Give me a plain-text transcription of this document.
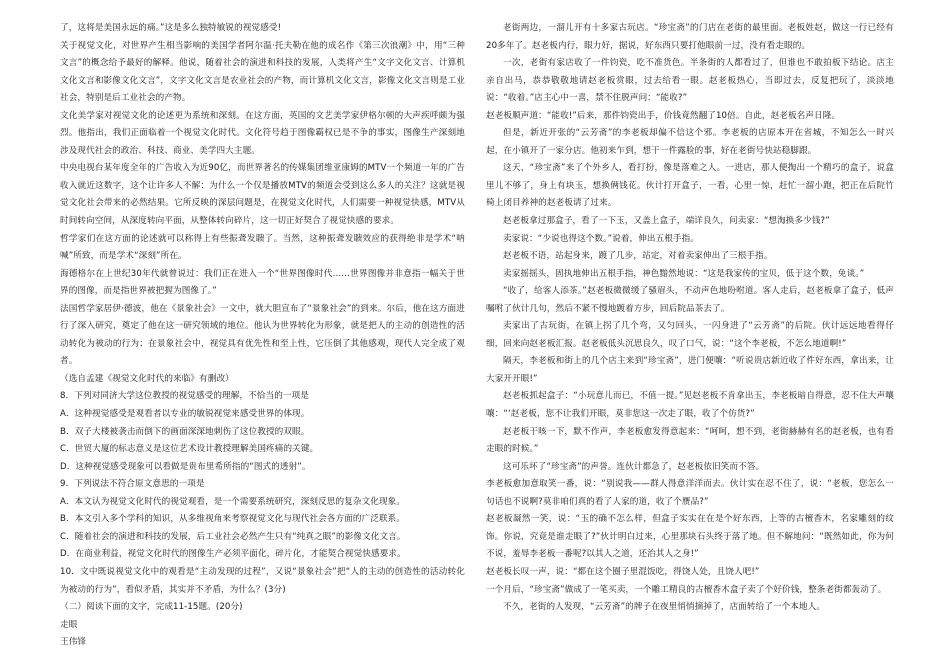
了，这将是美国永远的痛。”这是多么独特敏锐的视觉感受!

关于视觉文化，对世界产生相当影响的美国学者阿尔温·托夫勒在他的成名作《第三次浪潮》中，用“三种文言”的概念给予最好的解释。他说，随着社会的演进和科技的发展，人类将产生“文字文化文言、计算机文化文言和影像文化文言”，文字文化文言是农业社会的产物，而计算机文化文言，影像文化文言则是工业社会，特别是后工业社会的产物。

文化美学家对视觉文化的论述更为系统和深刻。在这方面，英国的文艺美学家伊格尔顿的大声疾呼颇为强烈。他指出，我们正面临着一个视觉文化时代。文化符号趋于图像霸权已是不争的事实，图像生产深刻地涉及现代社会的政治、科技、商业、美学四大主题。

中央电视台某年度全年的广告收入为近90亿，而世界著名的传媒集团维亚康姆的MTV一个频道一年的广告收入就近这数字，这个让许多人不解：为什么一个仅是播放MTV的频道会受到这么多人的关注？这就是视觉文化社会带来的必然结果。它所反映的深层问题是，在视觉文化时代，人们需要一种视觉快感，MTV从时间转向空间，从深度转向平面，从整体转向碎片，这一切正好契合了视觉快感的要求。

哲学家们在这方面的论述就可以称得上有些振聋发聩了。当然，这种振聋发聩效应的获得绝非是学术“呐喊”所致，而是学术“深刻”所在。

海德格尔在上世纪30年代就曾说过：我们正在进入一个“世界图像时代……世界图像并非意指一幅关于世界的图像，而是指世界被把握为图像了。”

法国哲学家居伊·德波，他在《景象社会》一文中，就大胆宣布了“景象社会”的到来。尔后，他在这方面进行了深入研究，奠定了他在这一研究领域的地位。他认为世界转化为形象，就是把人的主动的创造性的活动转化为被动的行为；在景象社会中，视觉具有优先性和至上性，它压倒了其他感观，现代人完全成了观者。

（选自孟建《视觉文化时代的来临》有删改）

8．下列对同济大学这位教授的视觉感受的理解，不恰当的一项是

A．这种视觉感受是观看者以专业的敏锐视觉来感受世界的体现。

B．双子大楼被袭击而倒下的画面深深地刺伤了这位教授的双眼。

C．世贸大厦的标志意义是这位艺术设计教授理解美国疼痛的关键。

D．这种视觉感受现象可以看做是贵布里希所指的“图式的透射”。

9．下列说法不符合原文意思的一项是

A．本文认为视觉文化时代的视觉观看，是一个需要系统研究，深刻反思的复杂文化现象。

B．本文引入多个学科的知识，从多维视角来考察视觉文化与现代社会各方面的广泛联系。

C．随着社会的演进和科技的发展，后工业社会必然产生只有“纯真之眼”的影像文化文言。

D．在商业利益，视觉文化时代的图像生产必须平面化，碎片化，才能契合视觉快感要求。

10．文中既说视觉文化中的观看是“主动发现的过程”，又说“景象社会”把“人的主动的创造性的活动转化为被动的行为”，看似矛盾，其实并不矛盾，为什么？(3分)

（二）阅读下面的文字，完成11-15题。(20分)

走眼

王伟锋

老街两边，一溜儿开有十多家古玩店。“珍宝斋”的门店在老街的最里面。老板姓赵，做这一行已经有20多年了。赵老板内行，眼力好，据说，好东西只要打他眼前一过，没有看走眼的。

一次，老街有家店收了一件钧瓷，吃不准货色。半条街的人都看过了，但谁也不敢拍板下结论。店主亲自出马，恭恭敬敬地请赵老板赏眼，过去给看一眼。赵老板热心，当即过去，反复把玩了，淡淡地说：“收着。”店主心中一喜，禁不住脱声问：“能收?”

赵老板顺声道：“能收!”后来，那件钧瓷出手，价钱竟然翻了10倍。自此，赵老板名声日隆。

但是，新近开张的“云芳斋”的李老板却偏不信这个邪。李老板的店原本开在省城，不知怎么一时兴起，在小镇开了一家分店。他初来乍到，想干一件露脸的事，好在老街号快站稳脚跟。

这天，“珍宝斋”来了个外乡人，看打扮，像是落难之人。一进店，那人便掏出一个精巧的盒子，说盒里儿不够了，身上有块玉，想换俩钱花。伙计打开盒子，一看，心里一惊，赶忙一溜小跑，把正在后院竹椅上闭目养神的赵老板请了过来。

赵老板拿过那盒子，看了一下玉，又盖上盒子，端详良久，问卖家：“想淘换多少钱?”

卖家说：“少说也得这个数。”说着，伸出五根手指。

赵老板不语，站起身来，踱了几步，站定，对着卖家伸出了三根手指。

卖家摇摇头，固执地伸出五根手指，神色黯然地说：“这是我家传的宝贝，低于这个数，免谈。”

“收了，给客人添茶。”赵老板微微缓了骚眉头，不动声色地吩咐道。客人走后，赵老板拿了盒子，低声嘱咐了伙计几句，然后不紧不慢地踱着方步，回后院品茶去了。

卖家出了古玩街，在镇上拐了几个弯，又匀回头，一闪身进了“云芳斋”的后院。伙计远远地看得仔细，回来向赵老板汇报。赵老板低头沉思良久，叹了口气，说：“这个李老板，不怎么地道啊!”

隔天，李老板和街上的几个店主来到“珍宝斋”，进门便嚷：“听说贵店新近收了件好东西，拿出来，让大家开开眼!”

赵老板抓起盒子：“小玩意儿而已，不值一提。”见赵老板不肯拿出玉，李老板暗自得意，忍不住大声嚷嚷：“‘赵老板，您不让我们开眼，莫非您这一次走了眼，收了个仿货?”

赵老板干咳一下，默不作声，李老板愈发得意起来：“呵呵，想不到，老街赫赫有名的赵老板，也有看走眼的时候。”

这可乐坏了“珍宝斋”的声誉。连伙计都急了，赵老板依旧笑而不答。

李老板愈加意取笑一番，说：“别说我——群人得意洋洋而去。伙计实在忍不住了，说：“老板，您怎么一句话也不说啊?莫非咱们真的看了人家的道，收了个赝品?”

赵老板凝然一笑，说：“玉的确不怎么样，但盒子实实在在是个好东西，上等的古檀香木，名家雕刻的纹饰。你说，究竟是谁走眼了?”伙计明白过来，心里那块石头终于落了地。但不解地问：“既然如此，你为何不说，羞辱李老板一番呢?以其人之道，还治其人之身!”

赵老板长叹一声，说：“都在这个圈子里混饭吃，得饶人处，且饶人吧!”

一个月后，“珍宝斋”做成了一笔买卖，一个雕工精良的古檀香木盒子卖了个好价钱，整条老街都轰动了。

不久，老街的人发现，“云芳斋”的牌子在夜里悄悄摘掉了，店面转给了一个本地人。
